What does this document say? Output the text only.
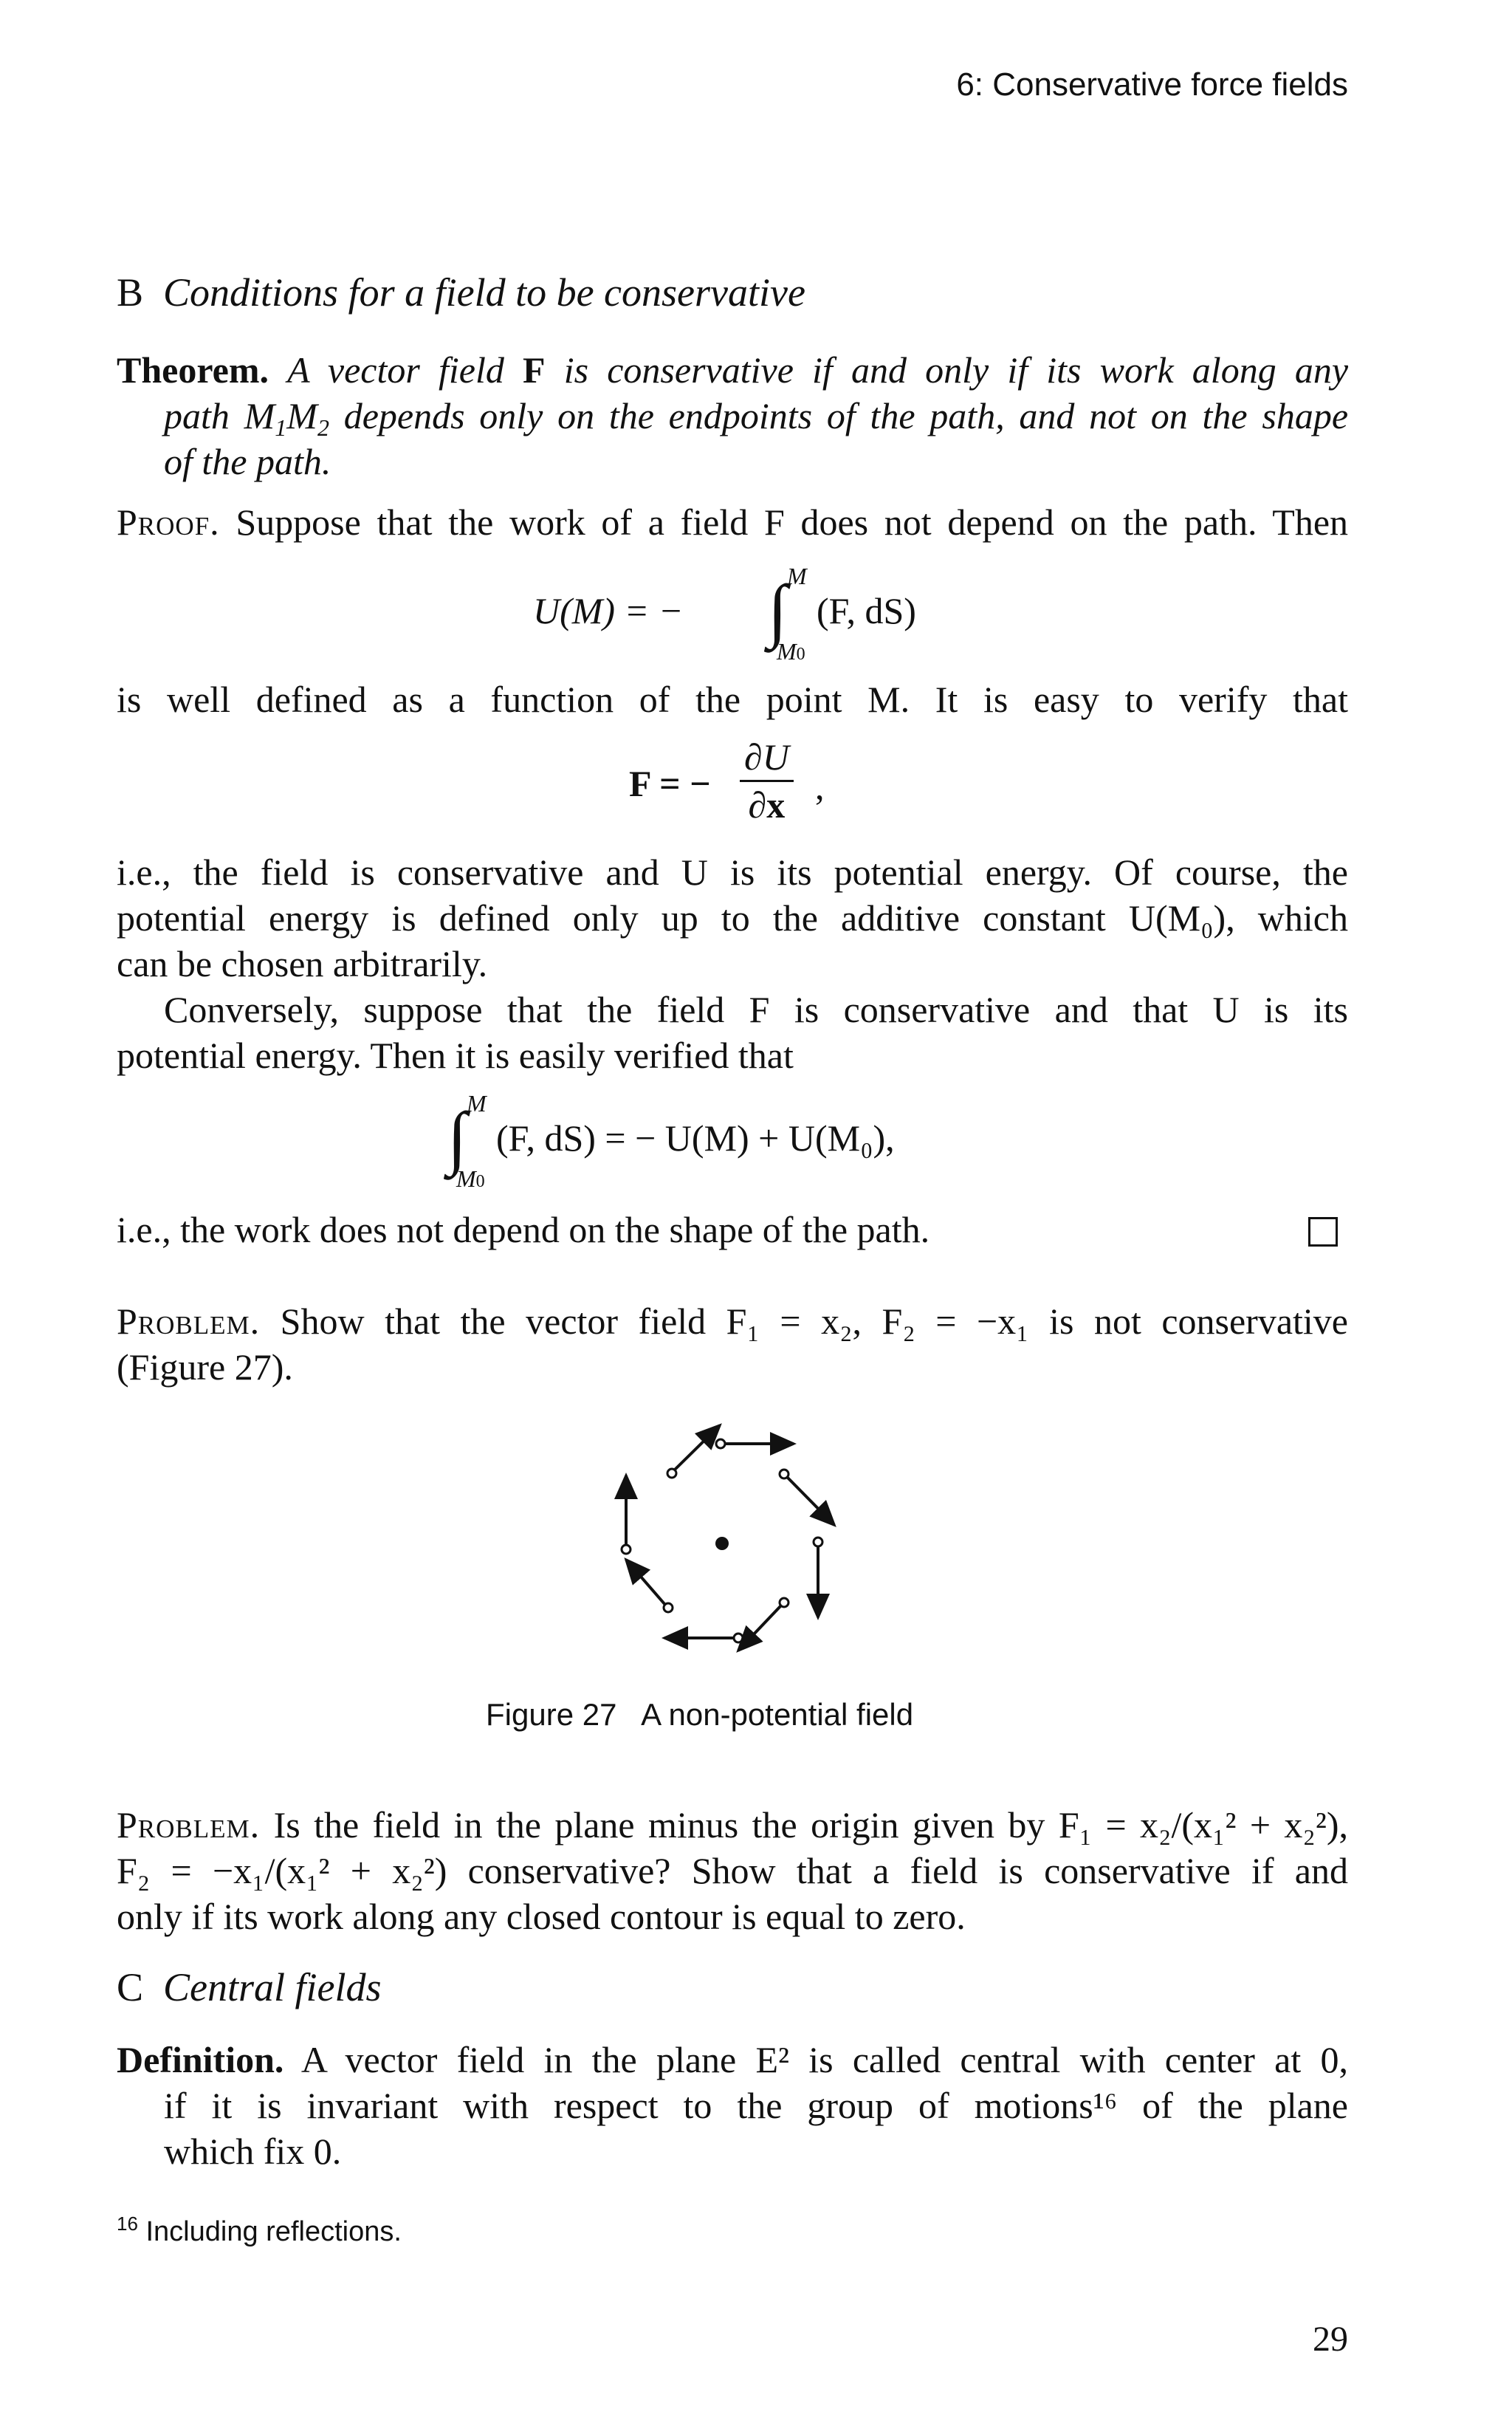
6: Conservative force fields
B Conditions for a field to be conservative
Theorem. A vector field F is conservative if and only if its work along any
path $M_1M_2$ depends only on the endpoints of the path, and not on the shape
of the path.
Proof. Suppose that the work of a field F does not depend on the path. Then
U(M) = − ∫ M
M0
(F, dS)
is well defined as a function of the point M. It is easy to verify that
F = − $\frac{\partial U}{\partial x}$ ,
i.e., the field is conservative and U is its potential energy. Of course, the
potential energy is defined only up to the additive constant U(M₀), which
can be chosen arbitrarily.
Conversely, suppose that the field F is conservative and that U is its
potential energy. Then it is easily verified that
∫ M
M0
(F, dS) = − U(M) + U(M₀),
i.e., the work does not depend on the shape of the path.
Problem. Show that the vector field F₁ = x₂, F₂ = −x₁ is not conservative
(Figure 27).
Figure 27 A non-potential field
Problem. Is the field in the plane minus the origin given by F₁ = x₂/(x₁² + x₂²),
F₂ = −x₁/(x₁² + x₂²) conservative? Show that a field is conservative if and
only if its work along any closed contour is equal to zero.
C Central fields
Definition. A vector field in the plane E² is called central with center at 0,
if it is invariant with respect to the group of motions¹⁶ of the plane
which fix 0.
$^{16}$ Including reflections.
29
